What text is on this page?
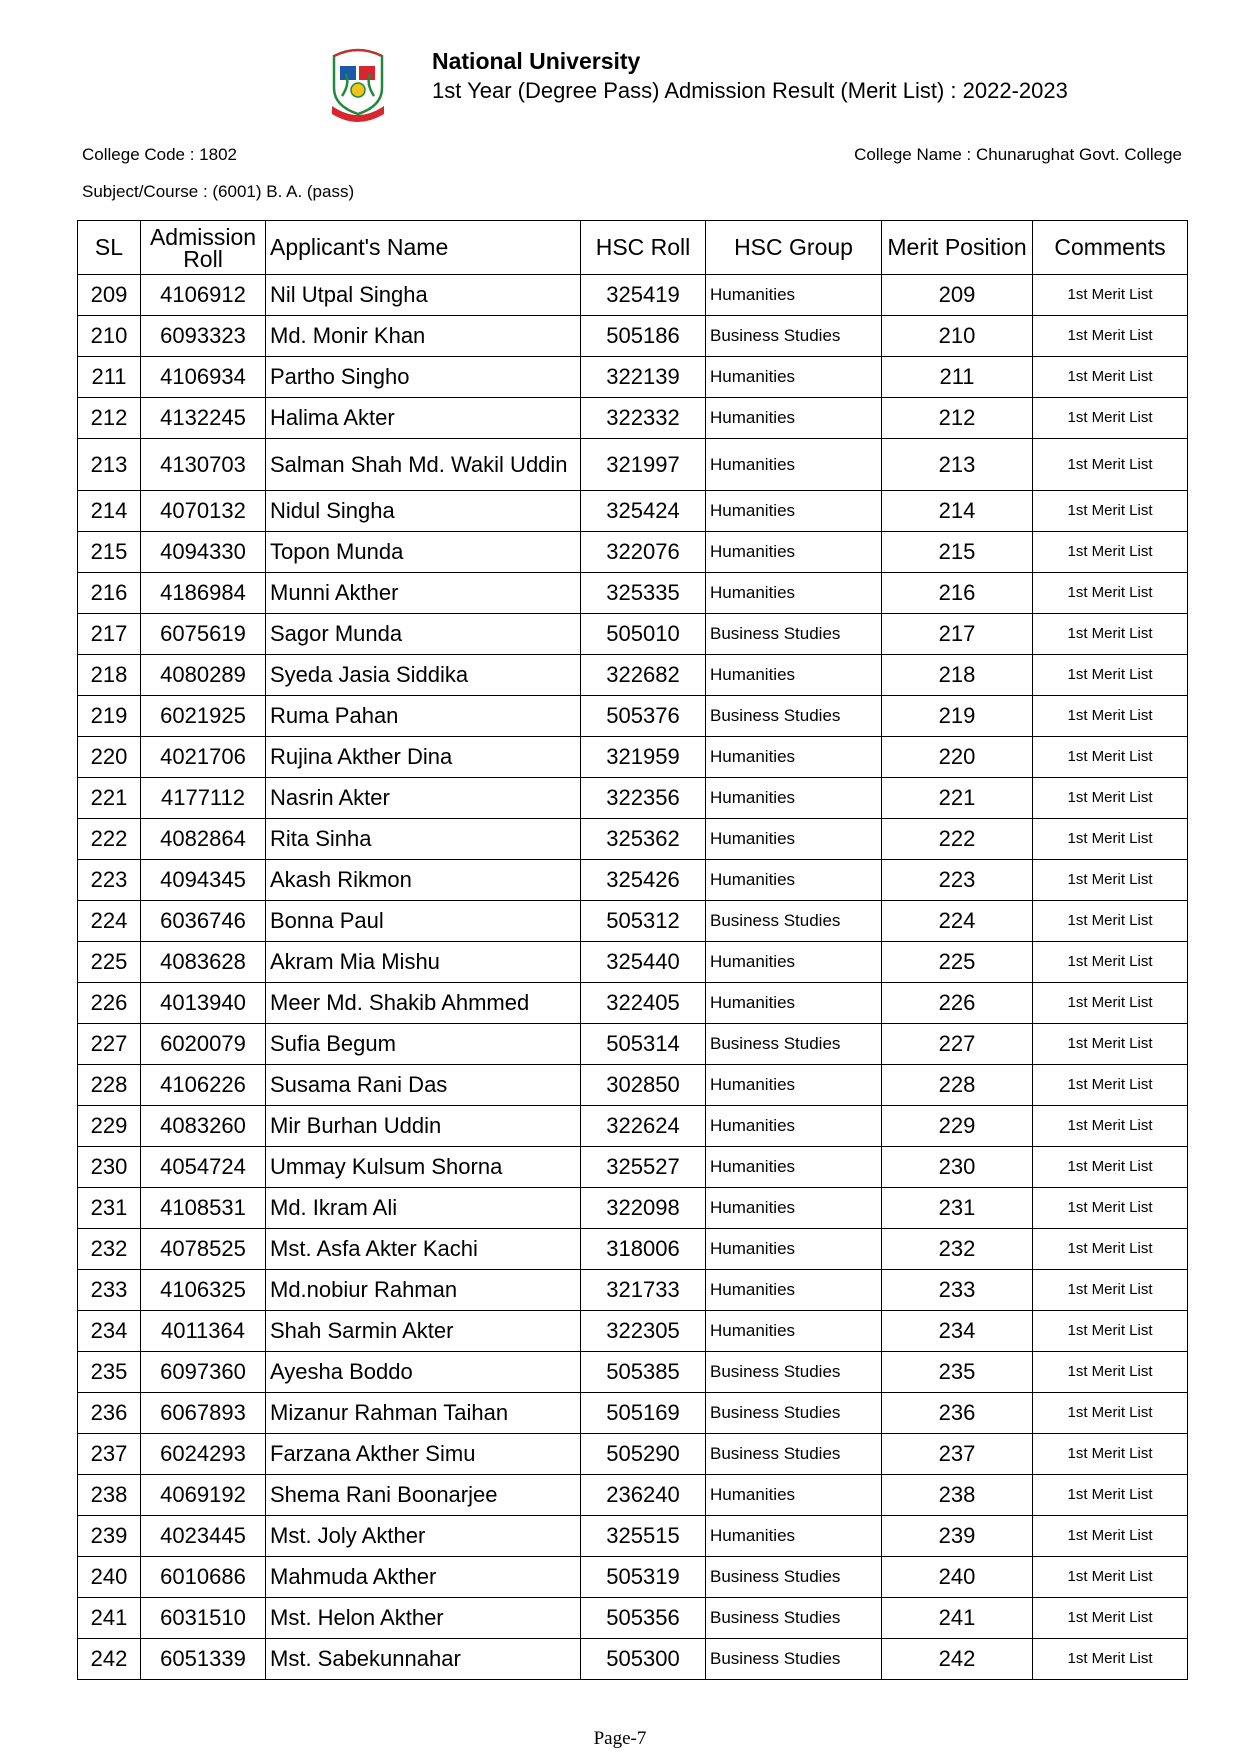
National University
1st Year (Degree Pass) Admission Result (Merit List) : 2022-2023
College Code : 1802	College Name : Chunarughat Govt. College
Subject/Course : (6001) B. A. (pass)
SL	Admission Roll	Applicant's Name	HSC Roll	HSC Group	Merit Position	Comments
209	4106912	Nil Utpal Singha	325419	Humanities	209	1st Merit List
210	6093323	Md. Monir Khan	505186	Business Studies	210	1st Merit List
211	4106934	Partho Singho	322139	Humanities	211	1st Merit List
212	4132245	Halima Akter	322332	Humanities	212	1st Merit List
213	4130703	Salman Shah Md. Wakil Uddin	321997	Humanities	213	1st Merit List
214	4070132	Nidul Singha	325424	Humanities	214	1st Merit List
215	4094330	Topon Munda	322076	Humanities	215	1st Merit List
216	4186984	Munni Akther	325335	Humanities	216	1st Merit List
217	6075619	Sagor Munda	505010	Business Studies	217	1st Merit List
218	4080289	Syeda Jasia Siddika	322682	Humanities	218	1st Merit List
219	6021925	Ruma Pahan	505376	Business Studies	219	1st Merit List
220	4021706	Rujina Akther Dina	321959	Humanities	220	1st Merit List
221	4177112	Nasrin Akter	322356	Humanities	221	1st Merit List
222	4082864	Rita Sinha	325362	Humanities	222	1st Merit List
223	4094345	Akash Rikmon	325426	Humanities	223	1st Merit List
224	6036746	Bonna Paul	505312	Business Studies	224	1st Merit List
225	4083628	Akram Mia Mishu	325440	Humanities	225	1st Merit List
226	4013940	Meer Md. Shakib Ahmmed	322405	Humanities	226	1st Merit List
227	6020079	Sufia Begum	505314	Business Studies	227	1st Merit List
228	4106226	Susama Rani Das	302850	Humanities	228	1st Merit List
229	4083260	Mir Burhan Uddin	322624	Humanities	229	1st Merit List
230	4054724	Ummay Kulsum Shorna	325527	Humanities	230	1st Merit List
231	4108531	Md. Ikram Ali	322098	Humanities	231	1st Merit List
232	4078525	Mst. Asfa Akter Kachi	318006	Humanities	232	1st Merit List
233	4106325	Md.nobiur Rahman	321733	Humanities	233	1st Merit List
234	4011364	Shah Sarmin Akter	322305	Humanities	234	1st Merit List
235	6097360	Ayesha Boddo	505385	Business Studies	235	1st Merit List
236	6067893	Mizanur Rahman Taihan	505169	Business Studies	236	1st Merit List
237	6024293	Farzana Akther Simu	505290	Business Studies	237	1st Merit List
238	4069192	Shema Rani Boonarjee	236240	Humanities	238	1st Merit List
239	4023445	Mst. Joly Akther	325515	Humanities	239	1st Merit List
240	6010686	Mahmuda Akther	505319	Business Studies	240	1st Merit List
241	6031510	Mst. Helon Akther	505356	Business Studies	241	1st Merit List
242	6051339	Mst. Sabekunnahar	505300	Business Studies	242	1st Merit List
Page-7
